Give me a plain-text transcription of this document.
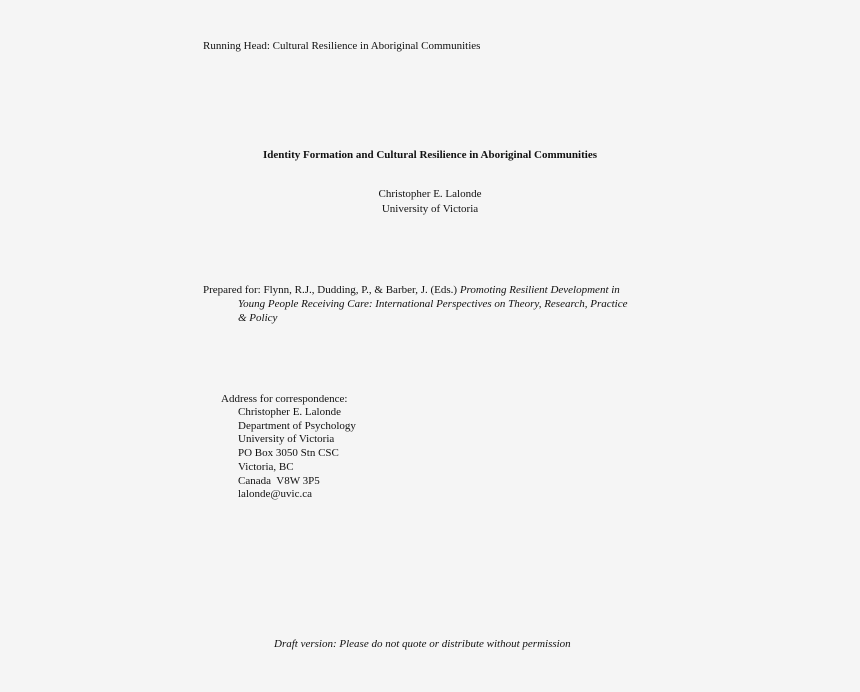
Running Head: Cultural Resilience in Aboriginal Communities
Identity Formation and Cultural Resilience in Aboriginal Communities
Christopher E. Lalonde
University of Victoria
Prepared for: Flynn, R.J., Dudding, P., & Barber, J. (Eds.) Promoting Resilient Development in
Young People Receiving Care: International Perspectives on Theory, Research, Practice
& Policy
Address for correspondence:
Christopher E. Lalonde
Department of Psychology
University of Victoria
PO Box 3050 Stn CSC
Victoria, BC
Canada  V8W 3P5
lalonde@uvic.ca
Draft version: Please do not quote or distribute without permission
